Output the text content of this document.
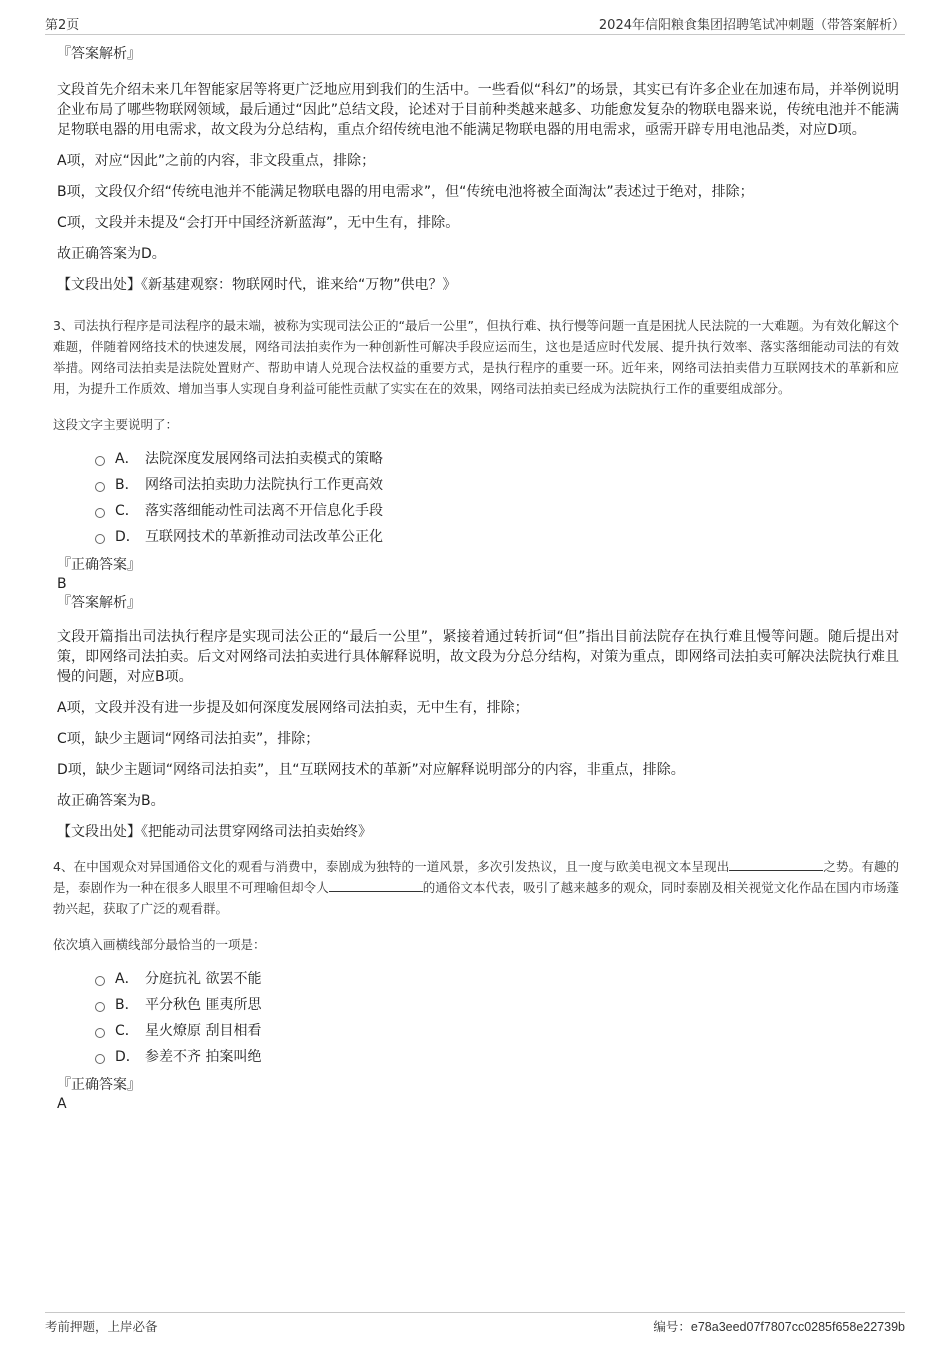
第2页	2024年信阳粮食集团招聘笔试冲刺题（带答案解析）
『答案解析』
文段首先介绍未来几年智能家居等将更广泛地应用到我们的生活中。一些看似“科幻”的场景，其实已有许多企业在加速布局，并举例说明企业布局了哪些物联网领域，最后通过“因此”总结文段，论述对于目前种类越来越多、功能愈发复杂的物联电器来说，传统电池并不能满足物联电器的用电需求，故文段为分总结构，重点介绍传统电池不能满足物联电器的用电需求，亟需开辟专用电池品类，对应D项。
A项，对应“因此”之前的内容，非文段重点，排除；
B项，文段仅介绍“传统电池并不能满足物联电器的用电需求”，但“传统电池将被全面淘汰”表述过于绝对，排除；
C项，文段并未提及“会打开中国经济新蓝海”，无中生有，排除。
故正确答案为D。
【文段出处】《新基建观察：物联网时代，谁来给“万物”供电？》
3、司法执行程序是司法程序的最末端，被称为实现司法公正的“最后一公里”，但执行难、执行慢等问题一直是困扰人民法院的一大难题。为有效化解这个难题，伴随着网络技术的快速发展，网络司法拍卖作为一种创新性可解决手段应运而生，这也是适应时代发展、提升执行效率、落实落细能动司法的有效举措。网络司法拍卖是法院处置财产、帮助申请人兑现合法权益的重要方式，是执行程序的重要一环。近年来，网络司法拍卖借力互联网技术的革新和应用，为提升工作质效、增加当事人实现自身利益可能性贡献了实实在在的效果，网络司法拍卖已经成为法院执行工作的重要组成部分。
这段文字主要说明了：
A． 法院深度发展网络司法拍卖模式的策略
B． 网络司法拍卖助力法院执行工作更高效
C． 落实落细能动性司法离不开信息化手段
D． 互联网技术的革新推动司法改革公正化
『正确答案』
B
『答案解析』
文段开篇指出司法执行程序是实现司法公正的“最后一公里”，紧接着通过转折词“但”指出目前法院存在执行难且慢等问题。随后提出对策，即网络司法拍卖。后文对网络司法拍卖进行具体解释说明，故文段为分总分结构，对策为重点，即网络司法拍卖可解决法院执行难且慢的问题，对应B项。
A项，文段并没有进一步提及如何深度发展网络司法拍卖，无中生有，排除；
C项，缺少主题词“网络司法拍卖”，排除；
D项，缺少主题词“网络司法拍卖”，且“互联网技术的革新”对应解释说明部分的内容，非重点，排除。
故正确答案为B。
【文段出处】《把能动司法贯穿网络司法拍卖始终》
4、在中国观众对异国通俗文化的观看与消费中，泰剧成为独特的一道风景，多次引发热议，且一度与欧美电视文本呈现出	之势。有趣的是，泰剧作为一种在很多人眼里不可理喻但却令人	的通俗文本代表，吸引了越来越多的观众，同时泰剧及相关视觉文化作品在国内市场蓬勃兴起，获取了广泛的观看群。
依次填入画横线部分最恰当的一项是：
A． 分庭抗礼 欲罢不能
B． 平分秋色 匪夷所思
C． 星火燎原 刮目相看
D． 参差不齐 拍案叫绝
『正确答案』
A
考前押题，上岸必备	编号：e78a3eed07f7807cc0285f658e22739b
